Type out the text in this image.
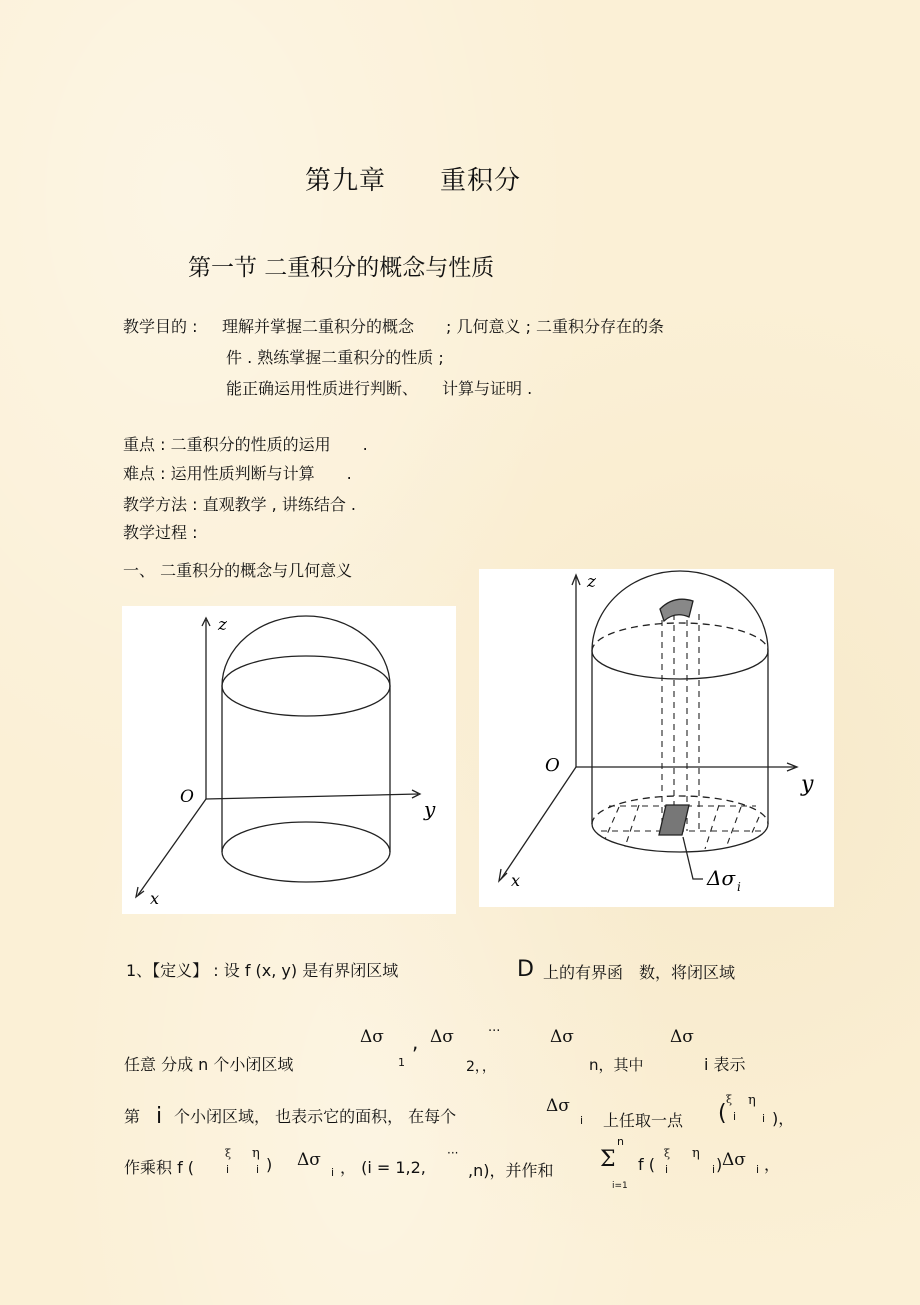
第九章　　重积分
第一节 二重积分的概念与性质
教学目的 : 理解并掌握二重积分的概念　　; 几何意义 ; 二重积分存在的条
件 . 熟练掌握二重积分的性质 ;
能正确运用性质进行判断、　　计算与证明 .
重点 : 二重积分的性质的运用　　.
难点 : 运用性质判断与计算　　.
教学方法 : 直观教学 , 讲练结合 .
教学过程 :
一、 二重积分的概念与几何意义
z
y
x
O
z
y
x
O
Δσ i
1、【定义】 : 设 f (x, y) 是有界闭区域	D 上的有界函　数，将闭区域
任意 分成 n 个小闭区域
Δσ
1
, Δσ
2，，
···	Δσ
n，其中
Δσ
i 表示
第 i 个小闭区域， 也表示它的面积， 在每个
Δσ
i 上任取一点 (
ξ
i
η
i )，
作乘积 f (
ξ
i
η
i ) Δσ
i ， (i = 1,2,
···
,n)，并作和
n
Σ
i=1
f (
ξ
i
η
i ) Δσ i ，
